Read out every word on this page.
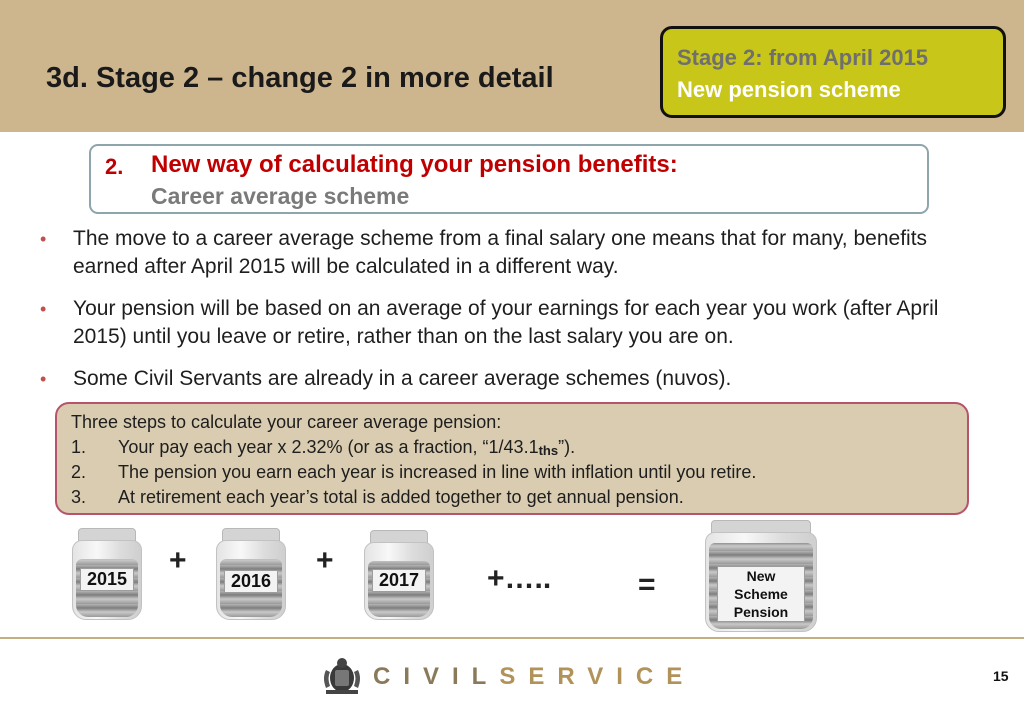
3d. Stage 2 – change 2 in more detail
Stage 2: from April 2015
New pension scheme
2. New way of calculating your pension benefits:
Career average scheme
• The move to a career average scheme from a final salary one means that for many, benefits earned after April 2015 will be calculated in a different way.
• Your pension will be based on an average of your earnings for each year you work (after April 2015) until you leave or retire, rather than on the last salary you are on.
• Some Civil Servants are already in a career average schemes (nuvos).
Three steps to calculate your career average pension:
1. Your pay each year x 2.32% (or as a fraction, “$1/43.1_{ths}$”).
2. The pension you earn each year is increased in line with inflation until you retire.
3. At retirement each year’s total is added together to get annual pension.
2015
+
2016
+
2017 +…..	=	New Scheme Pension
CIVILSERVICE	15
